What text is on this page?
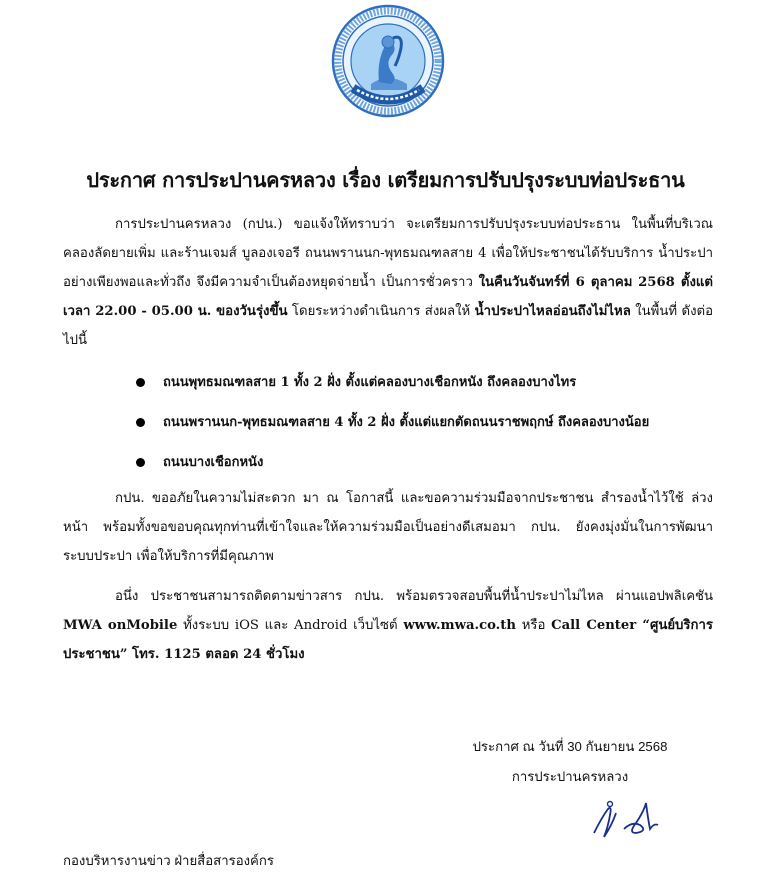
ประกาศ การประปานครหลวง เรื่อง เตรียมการปรับปรุงระบบท่อประธาน
การประปานครหลวง (กปน.) ขอแจ้งให้ทราบว่า จะเตรียมการปรับปรุงระบบท่อประธาน ในพื้นที่บริเวณ คลองลัดยายเพิ่ม และร้านเจมส์ บูลองเจอรี ถนนพรานนก-พุทธมณฑลสาย 4 เพื่อให้ประชาชนได้รับบริการ น้ำประปาอย่างเพียงพอและทั่วถึง จึงมีความจำเป็นต้องหยุดจ่ายน้ำ เป็นการชั่วคราว ในคืนวันจันทร์ที่ 6 ตุลาคม 2568 ตั้งแต่เวลา 22.00 - 05.00 น. ของวันรุ่งขึ้น โดยระหว่างดำเนินการ ส่งผลให้ น้ำประปาไหลอ่อนถึงไม่ไหล ในพื้นที่ ดังต่อไปนี้
ถนนพุทธมณฑลสาย 1 ทั้ง 2 ฝั่ง ตั้งแต่คลองบางเชือกหนัง ถึงคลองบางไทร
ถนนพรานนก-พุทธมณฑลสาย 4 ทั้ง 2 ฝั่ง ตั้งแต่แยกตัดถนนราชพฤกษ์ ถึงคลองบางน้อย
ถนนบางเชือกหนัง
กปน. ขออภัยในความไม่สะดวก มา ณ โอกาสนี้ และขอความร่วมมือจากประชาชน สำรองน้ำไว้ใช้ ล่วงหน้า พร้อมทั้งขอขอบคุณทุกท่านที่เข้าใจและให้ความร่วมมือเป็นอย่างดีเสมอมา กปน. ยังคงมุ่งมั่นในการพัฒนา ระบบประปา เพื่อให้บริการที่มีคุณภาพ
อนึ่ง ประชาชนสามารถติดตามข่าวสาร กปน. พร้อมตรวจสอบพื้นที่น้ำประปาไม่ไหล ผ่านแอปพลิเคชัน MWA onMobile ทั้งระบบ iOS และ Android เว็บไซต์ www.mwa.co.th หรือ Call Center “ศูนย์บริการ ประชาชน” โทร. 1125 ตลอด 24 ชั่วโมง
ประกาศ ณ วันที่ 30 กันยายน 2568
การประปานครหลวง
กองบริหารงานข่าว ฝ่ายสื่อสารองค์กร
